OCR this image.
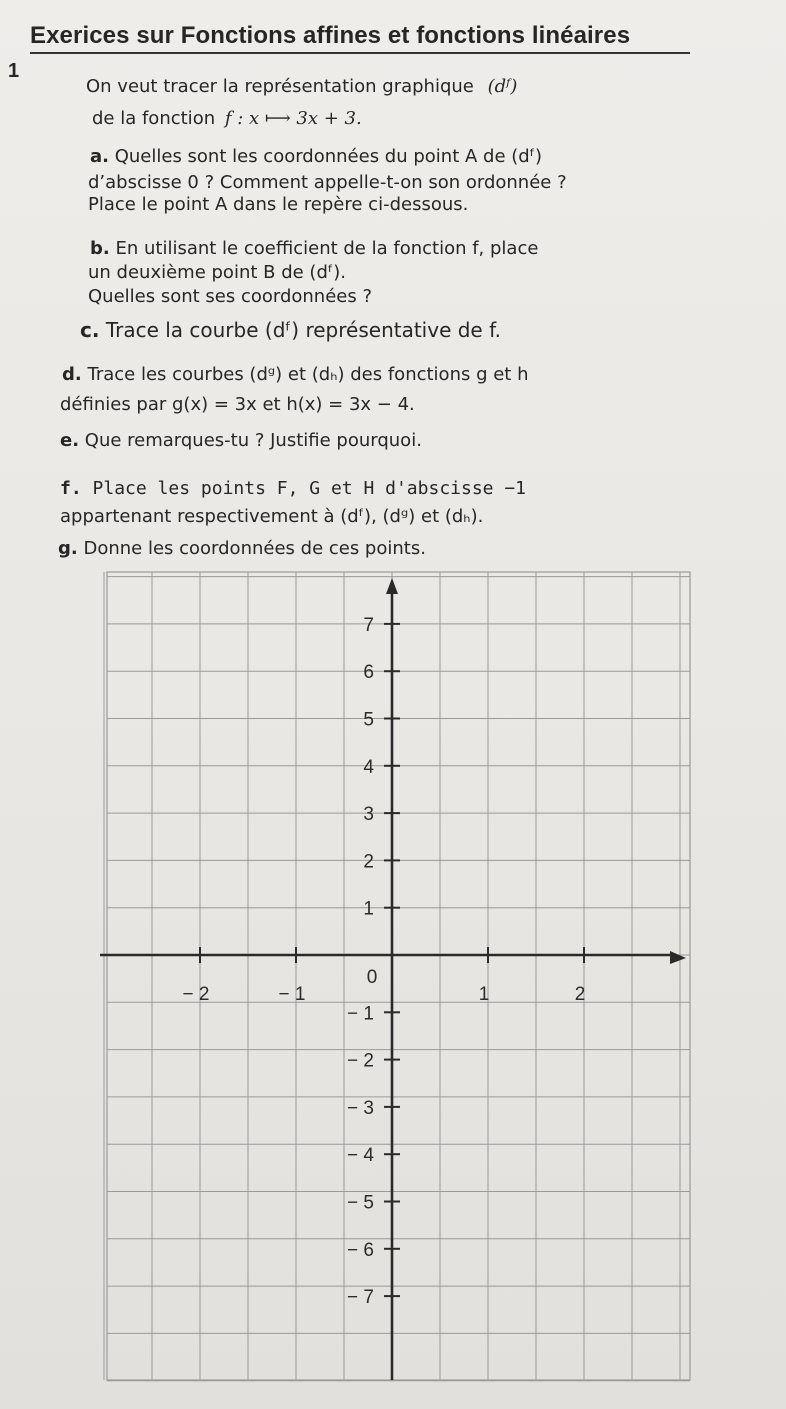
Exerices sur Fonctions affines et fonctions linéaires
1
On veut tracer la représentation graphique (dᶠ)
de la fonction f : x ⟼ 3x + 3.
a. Quelles sont les coordonnées du point A de (dᶠ)
d’abscisse 0 ? Comment appelle-t-on son ordonnée ?
Place le point A dans le repère ci-dessous.
b. En utilisant le coefficient de la fonction f, place
un deuxième point B de (dᶠ).
Quelles sont ses coordonnées ?
c. Trace la courbe (dᶠ) représentative de f.
d. Trace les courbes (dᵍ) et (dₕ) des fonctions g et h
définies par g(x) = 3x et h(x) = 3x − 4.
e. Que remarques-tu ? Justifie pourquoi.
f. Place les points F, G et H d'abscisse −1
appartenant respectivement à (dᶠ), (dᵍ) et (dₕ).
g. Donne les coordonnées de ces points.
− 2	− 1	1	2
0
7
6
5
4
3
2
1
− 1
− 2
− 3
− 4
− 5
− 6
− 7
